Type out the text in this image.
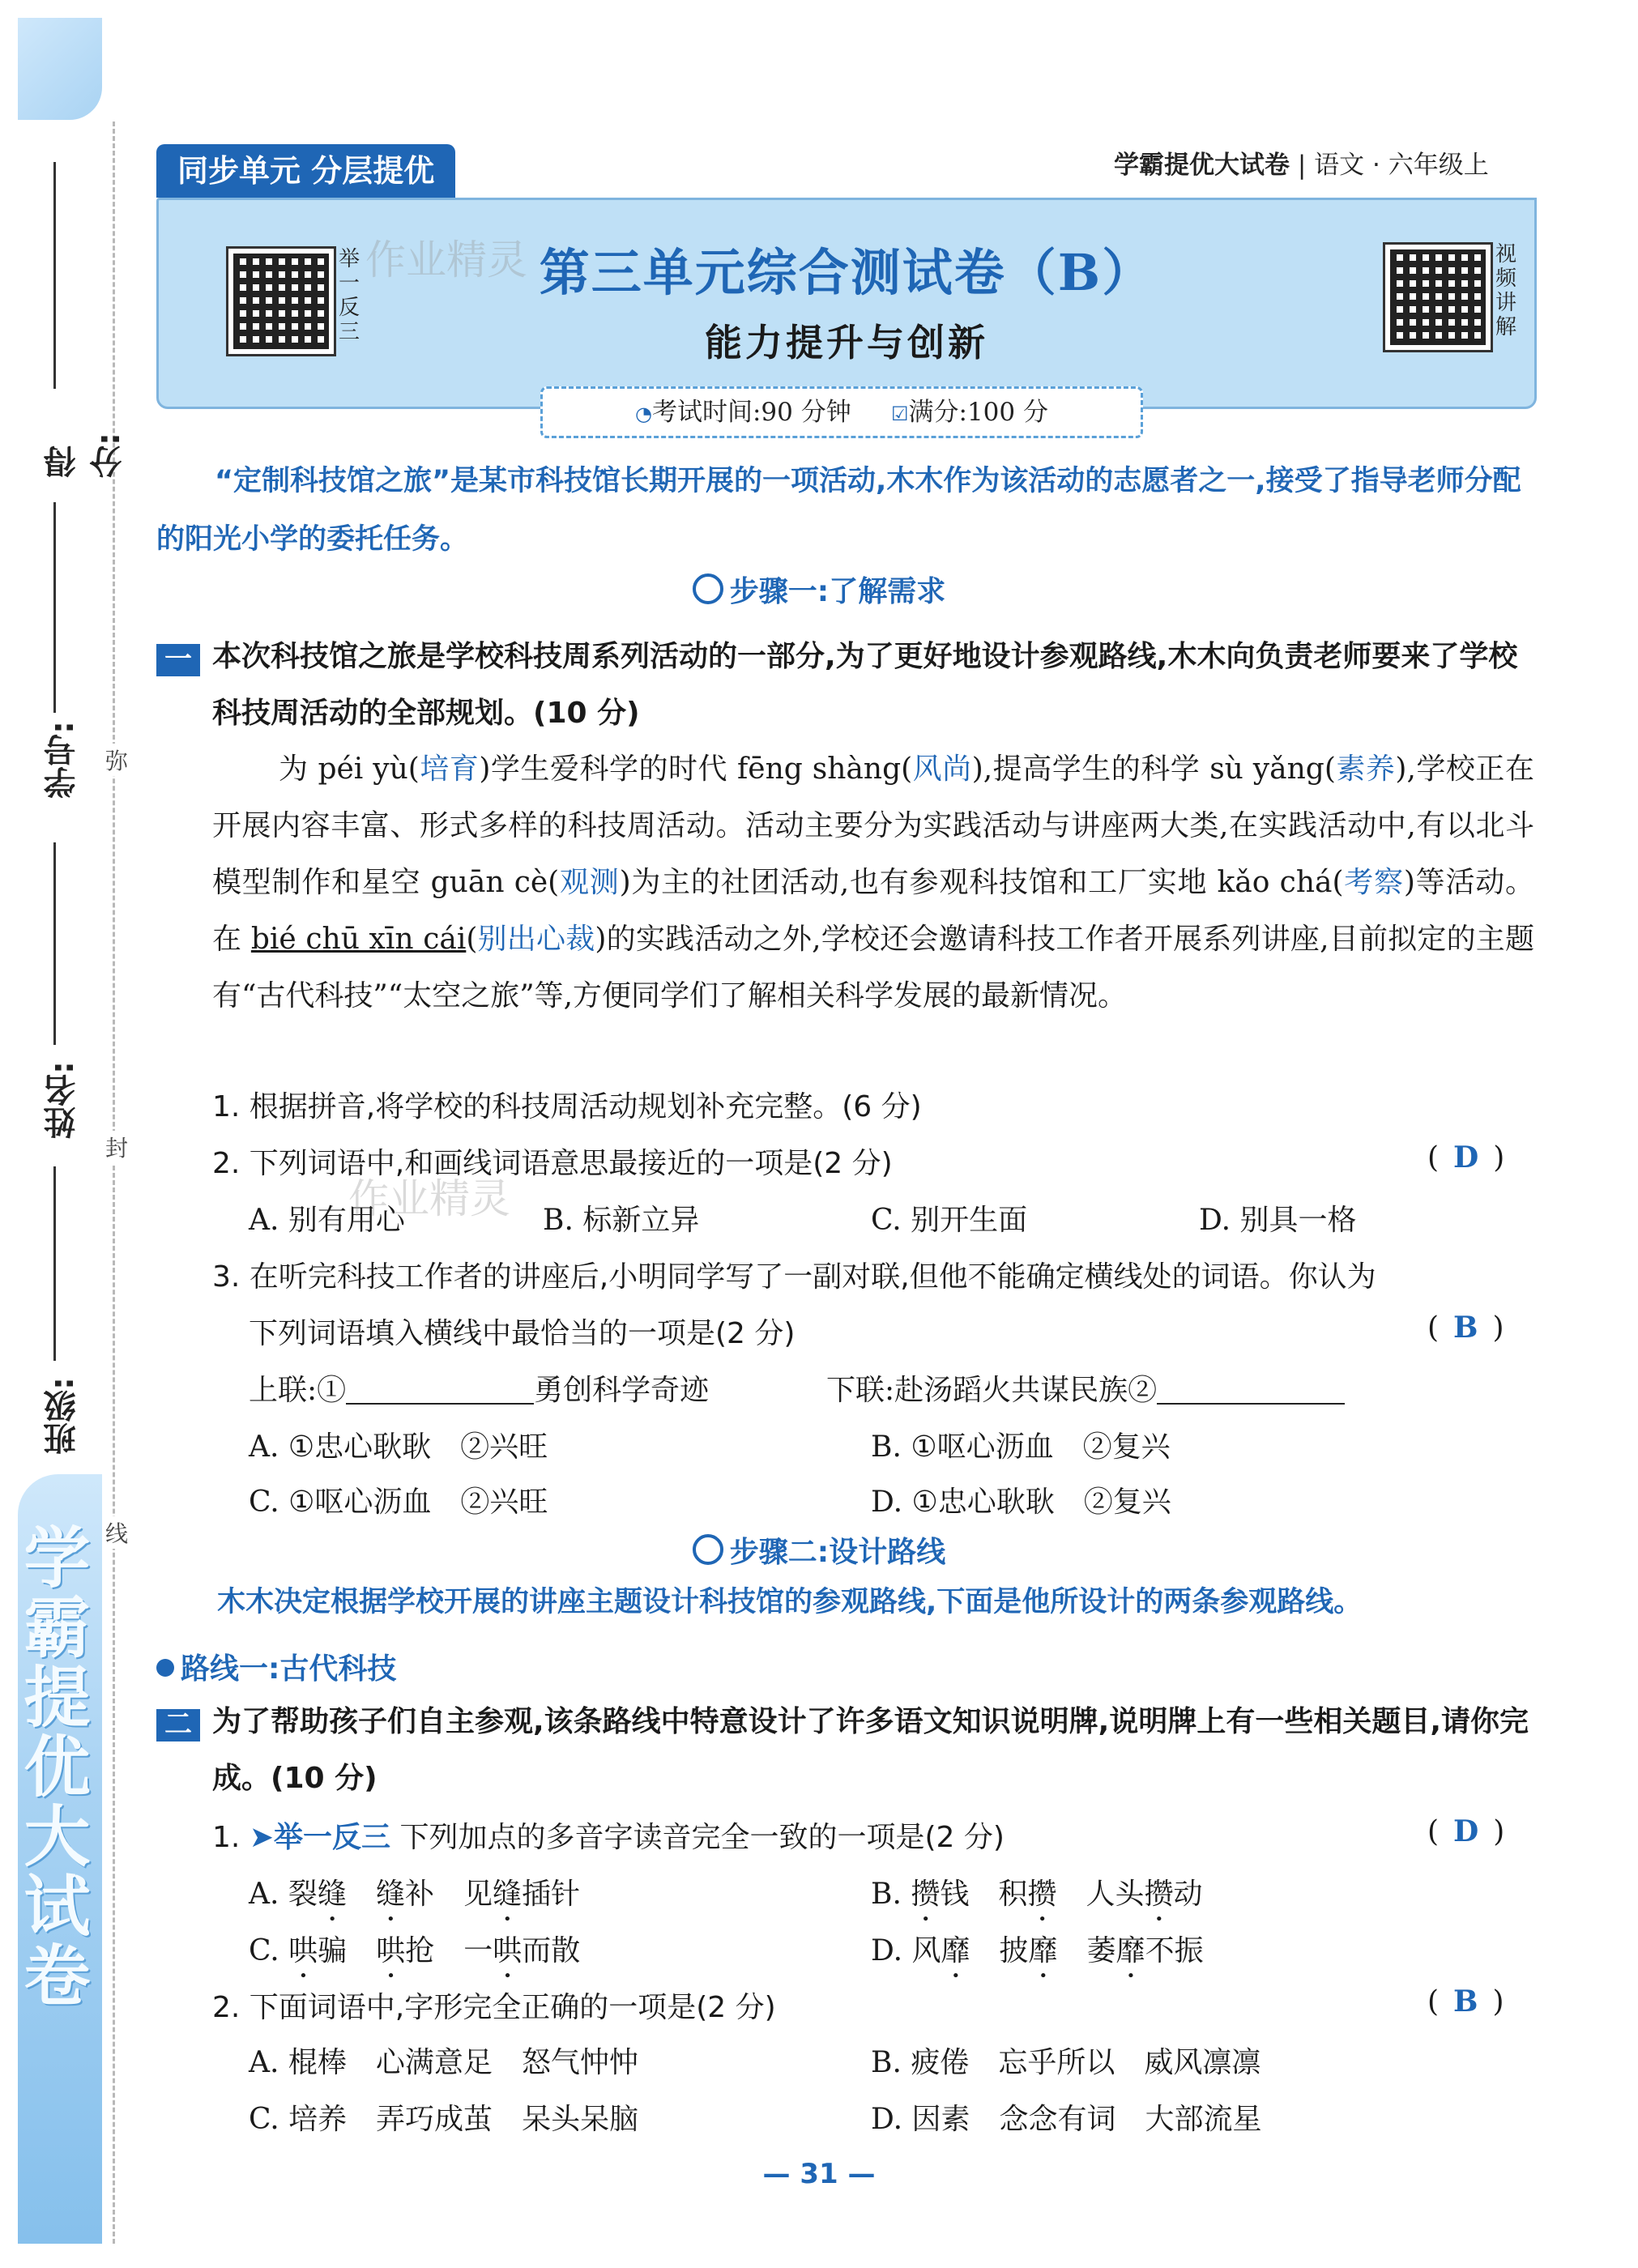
学霸提优大试卷
弥
封
线
得分:
学号:
姓名:
班级:
同步单元 分层提优	学霸提优大试卷 | 语文 · 六年级上
举一反三
第三单元综合测试卷（B）
能力提升与创新
视频讲解
作业精灵
◔考试时间:90 分钟 ☑满分:100 分
“定制科技馆之旅”是某市科技馆长期开展的一项活动,木木作为该活动的志愿者之一,接受了指导老师分配的阳光小学的委托任务。
步骤一:了解需求
一 本次科技馆之旅是学校科技周系列活动的一部分,为了更好地设计参观路线,木木向负责老师要来了学校科技周活动的全部规划。(10 分)
为 péi yù(培育)学生爱科学的时代 fēng shàng(风尚),提高学生的科学 sù yǎng(素养),学校正在开展内容丰富、形式多样的科技周活动。活动主要分为实践活动与讲座两大类,在实践活动中,有以北斗模型制作和星空 guān cè(观测)为主的社团活动,也有参观科技馆和工厂实地 kǎo chá(考察)等活动。在 bié chū xīn cái(别出心裁)的实践活动之外,学校还会邀请科技工作者开展系列讲座,目前拟定的主题有“古代科技”“太空之旅”等,方便同学们了解相关科学发展的最新情况。
1. 根据拼音,将学校的科技周活动规划补充完整。(6 分)
2. 下列词语中,和画线词语意思最接近的一项是(2 分)	( D )
A. 别有用心	B. 标新立异	C. 别开生面	D. 别具一格
作业精灵
3. 在听完科技工作者的讲座后,小明同学写了一副对联,但他不能确定横线处的词语。你认为
下列词语填入横线中最恰当的一项是(2 分)	( B )
上联:①	勇创科学奇迹	下联:赴汤蹈火共谋民族②
A. ①忠心耿耿　②兴旺	B. ①呕心沥血　②复兴
C. ①呕心沥血　②兴旺	D. ①忠心耿耿　②复兴
步骤二:设计路线
木木决定根据学校开展的讲座主题设计科技馆的参观路线,下面是他所设计的两条参观路线。
路线一:古代科技
二 为了帮助孩子们自主参观,该条路线中特意设计了许多语文知识说明牌,说明牌上有一些相关题目,请你完成。(10 分)
1. ➤举一反三 下列加点的多音字读音完全一致的一项是(2 分)	( D )
A. 裂缝　 缝补　 见缝插针	B. 攒钱　 积攒　 人头攒动
C. 哄骗　 哄抢　 一哄而散	D. 风靡　 披靡　 萎靡不振
2. 下面词语中,字形完全正确的一项是(2 分)	( B )
A. 棍棒　心满意足　怒气忡忡	B. 疲倦　忘乎所以　威风凛凛
C. 培养　弄巧成茧　呆头呆脑	D. 因素　念念有词　大部流星
— 31 —
